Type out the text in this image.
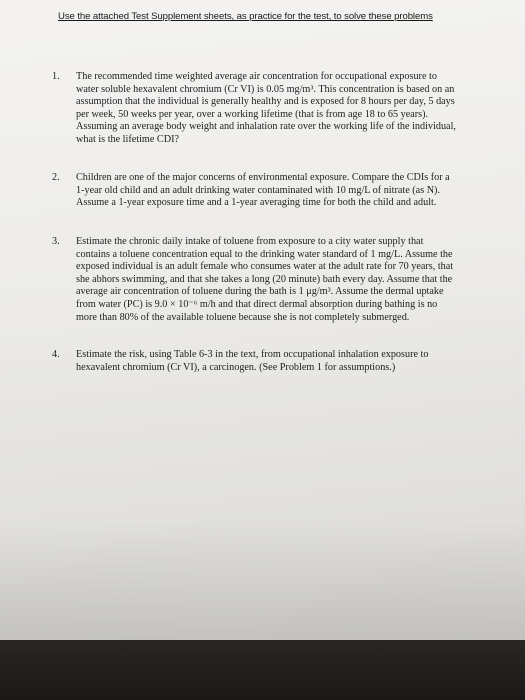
Use the attached Test Supplement sheets, as practice for the test, to solve these problems
1.	The recommended time weighted average air concentration for occupational exposure to
water soluble hexavalent chromium (Cr VI) is 0.05 mg/m³. This concentration is based on an
assumption that the individual is generally healthy and is exposed for 8 hours per day, 5 days
per week, 50 weeks per year, over a working lifetime (that is from age 18 to 65 years).
Assuming an average body weight and inhalation rate over the working life of the individual,
what is the lifetime CDI?
2.	Children are one of the major concerns of environmental exposure. Compare the CDIs for a
1-year old child and an adult drinking water contaminated with 10 mg/L of nitrate (as N).
Assume a 1-year exposure time and a 1-year averaging time for both the child and adult.
3.	Estimate the chronic daily intake of toluene from exposure to a city water supply that
contains a toluene concentration equal to the drinking water standard of 1 mg/L. Assume the
exposed individual is an adult female who consumes water at the adult rate for 70 years, that
she abhors swimming, and that she takes a long (20 minute) bath every day. Assume that the
average air concentration of toluene during the bath is 1 μg/m³. Assume the dermal uptake
from water (PC) is 9.0 × 10⁻⁶ m/h and that direct dermal absorption during bathing is no
more than 80% of the available toluene because she is not completely submerged.
4.	Estimate the risk, using Table 6-3 in the text, from occupational inhalation exposure to
hexavalent chromium (Cr VI), a carcinogen. (See Problem 1 for assumptions.)
